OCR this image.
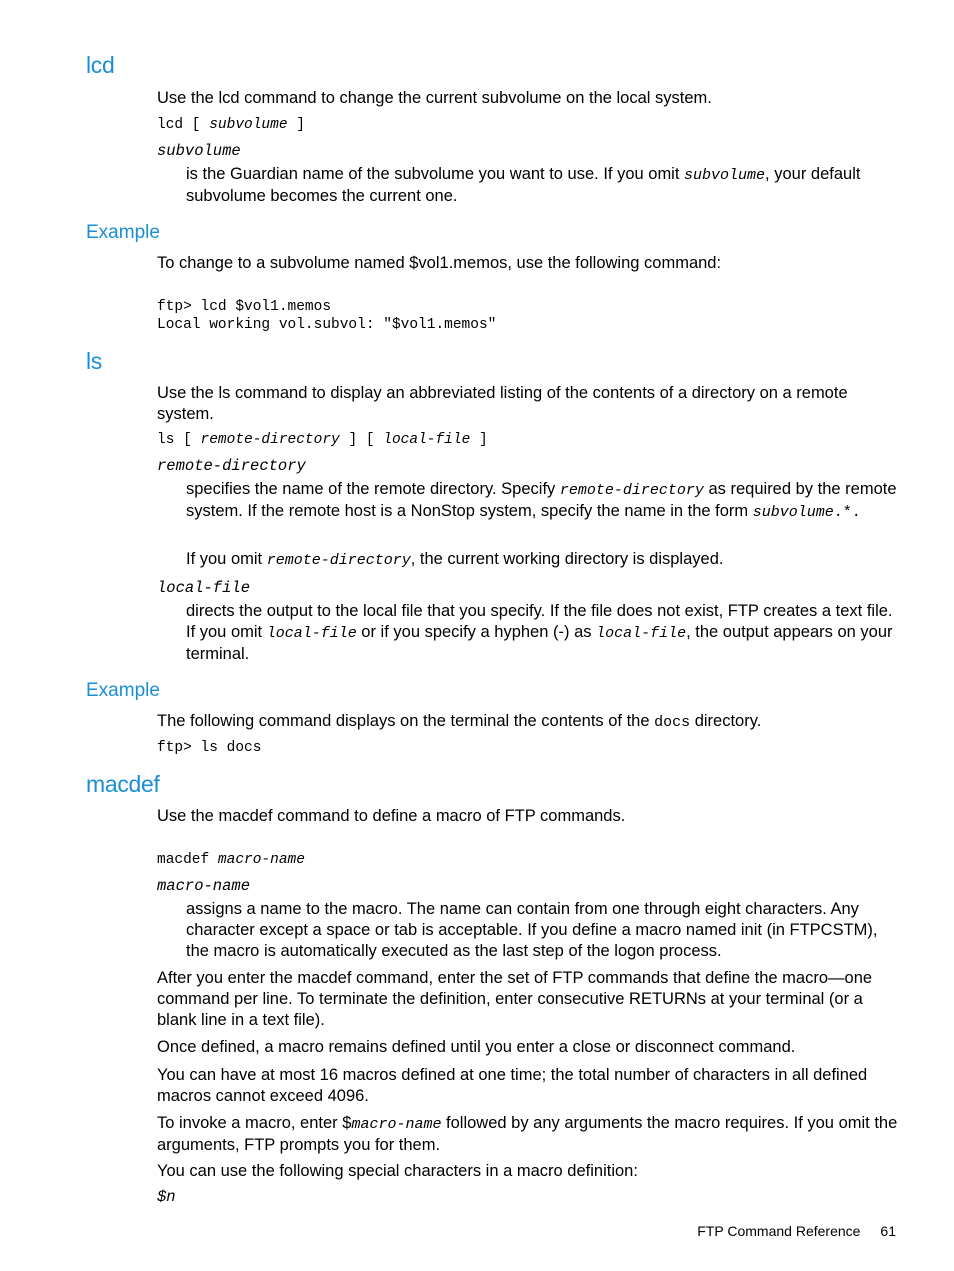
lcd

Use the lcd command to change the current subvolume on the local system.

lcd [ subvolume ]

subvolume

is the Guardian name of the subvolume you want to use. If you omit subvolume, your default subvolume becomes the current one.

Example

To change to a subvolume named $vol1.memos, use the following command:

ftp> lcd $vol1.memos

Local working vol.subvol: "$vol1.memos"

ls

Use the ls command to display an abbreviated listing of the contents of a directory on a remote system.

ls [ remote-directory ] [ local-file ]

remote-directory

specifies the name of the remote directory. Specify remote-directory as required by the remote system. If the remote host is a NonStop system, specify the name in the form subvolume.*.

If you omit remote-directory, the current working directory is displayed.

local-file

directs the output to the local file that you specify. If the file does not exist, FTP creates a text file. If you omit local-file or if you specify a hyphen (-) as local-file, the output appears on your terminal.

Example

The following command displays on the terminal the contents of the docs directory.

ftp> ls docs

macdef

Use the macdef command to define a macro of FTP commands.

macdef macro-name

macro-name

assigns a name to the macro. The name can contain from one through eight characters. Any character except a space or tab is acceptable. If you define a macro named init (in FTPCSTM), the macro is automatically executed as the last step of the logon process.

After you enter the macdef command, enter the set of FTP commands that define the macro—one command per line. To terminate the definition, enter consecutive RETURNs at your terminal (or a blank line in a text file).

Once defined, a macro remains defined until you enter a close or disconnect command.

You can have at most 16 macros defined at one time; the total number of characters in all defined macros cannot exceed 4096.

To invoke a macro, enter $macro-name followed by any arguments the macro requires. If you omit the arguments, FTP prompts you for them.

You can use the following special characters in a macro definition:

$n

FTP Command Reference 61
